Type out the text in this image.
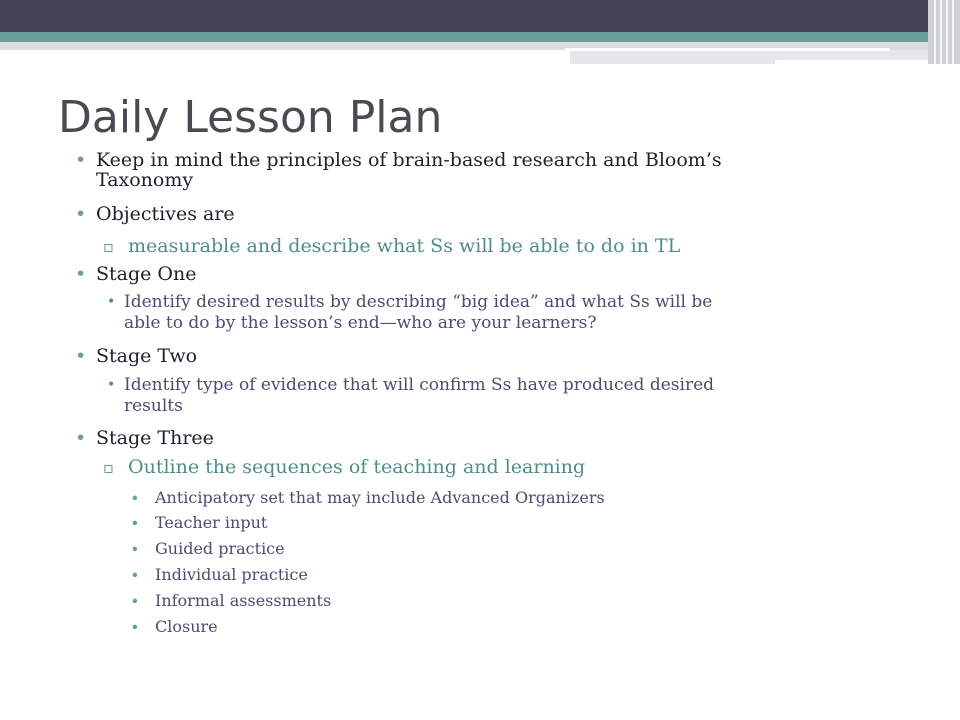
Daily Lesson Plan
• Keep in mind the principles of brain-based research and Bloom’s
Taxonomy
• Objectives are
▫ measurable and describe what Ss will be able to do in TL
• Stage One
• Identify desired results by describing “big idea” and what Ss will be
able to do by the lesson’s end—who are your learners?
• Stage Two
• Identify type of evidence that will confirm Ss have produced desired
results
• Stage Three
▫ Outline the sequences of teaching and learning
∙ Anticipatory set that may include Advanced Organizers
∙ Teacher input
∙ Guided practice
∙ Individual practice
∙ Informal assessments
∙ Closure
